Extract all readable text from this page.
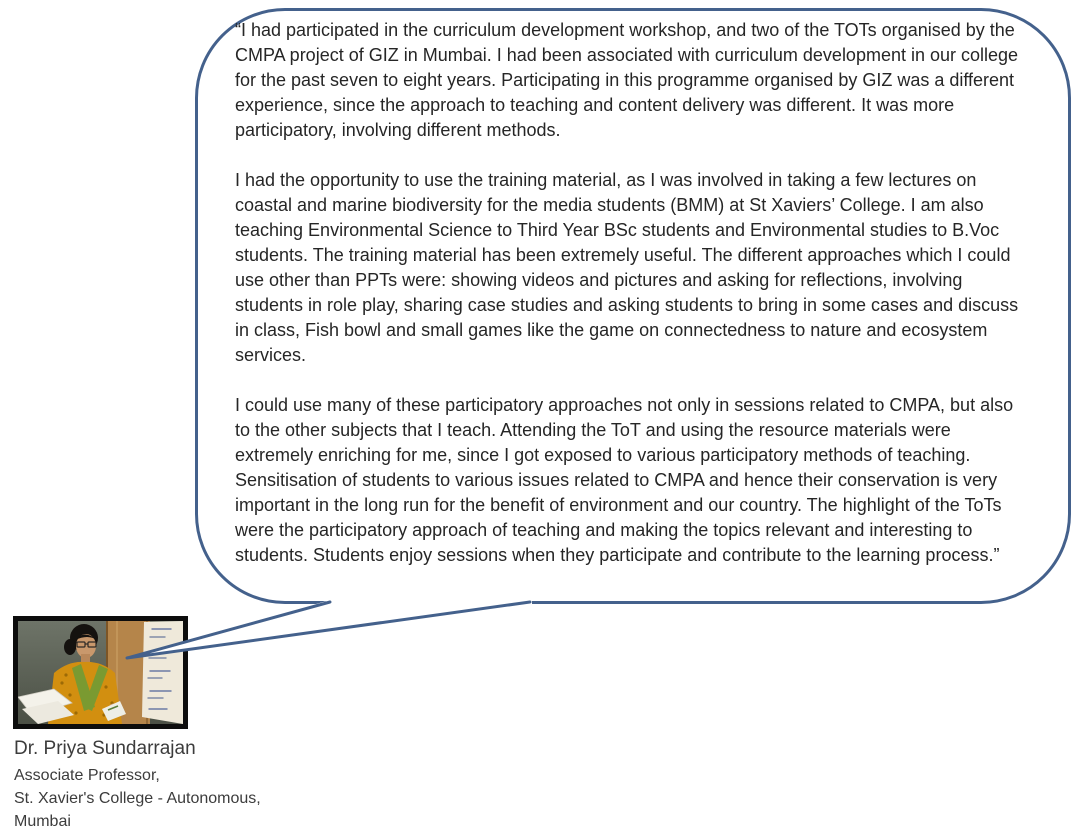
“I had participated in the curriculum development workshop, and two of the TOTs organised by the CMPA project of GIZ in Mumbai. I had been associated with curriculum development in our college for the past seven to eight years. Participating in this programme organised by GIZ was a different experience, since the approach to teaching and content delivery was different. It was more participatory, involving different methods.

I had the opportunity to use the training material, as I was involved in taking a few lectures on coastal and marine biodiversity for the media students (BMM) at St Xaviers’ College. I am also teaching Environmental Science to Third Year BSc students and Environmental studies to B.Voc students. The training material has been extremely useful. The different approaches which I could use other than PPTs were: showing videos and pictures and asking for reflections, involving students in role play, sharing case studies and asking students to bring in some cases and discuss in class, Fish bowl and small games like the game on connectedness to nature and ecosystem services.

I could use many of these participatory approaches not only in sessions related to CMPA, but also to the other subjects that I teach. Attending the ToT and using the resource materials were extremely enriching for me, since I got exposed to various participatory methods of teaching. Sensitisation of students to various issues related to CMPA and hence their conservation is very important in the long run for the benefit of environment and our country. The highlight of the ToTs were the participatory approach of teaching and making the topics relevant and interesting to students. Students enjoy sessions when they participate and contribute to the learning process.”

Dr. Priya Sundarrajan

Associate Professor,

St. Xavier's College - Autonomous,

Mumbai
